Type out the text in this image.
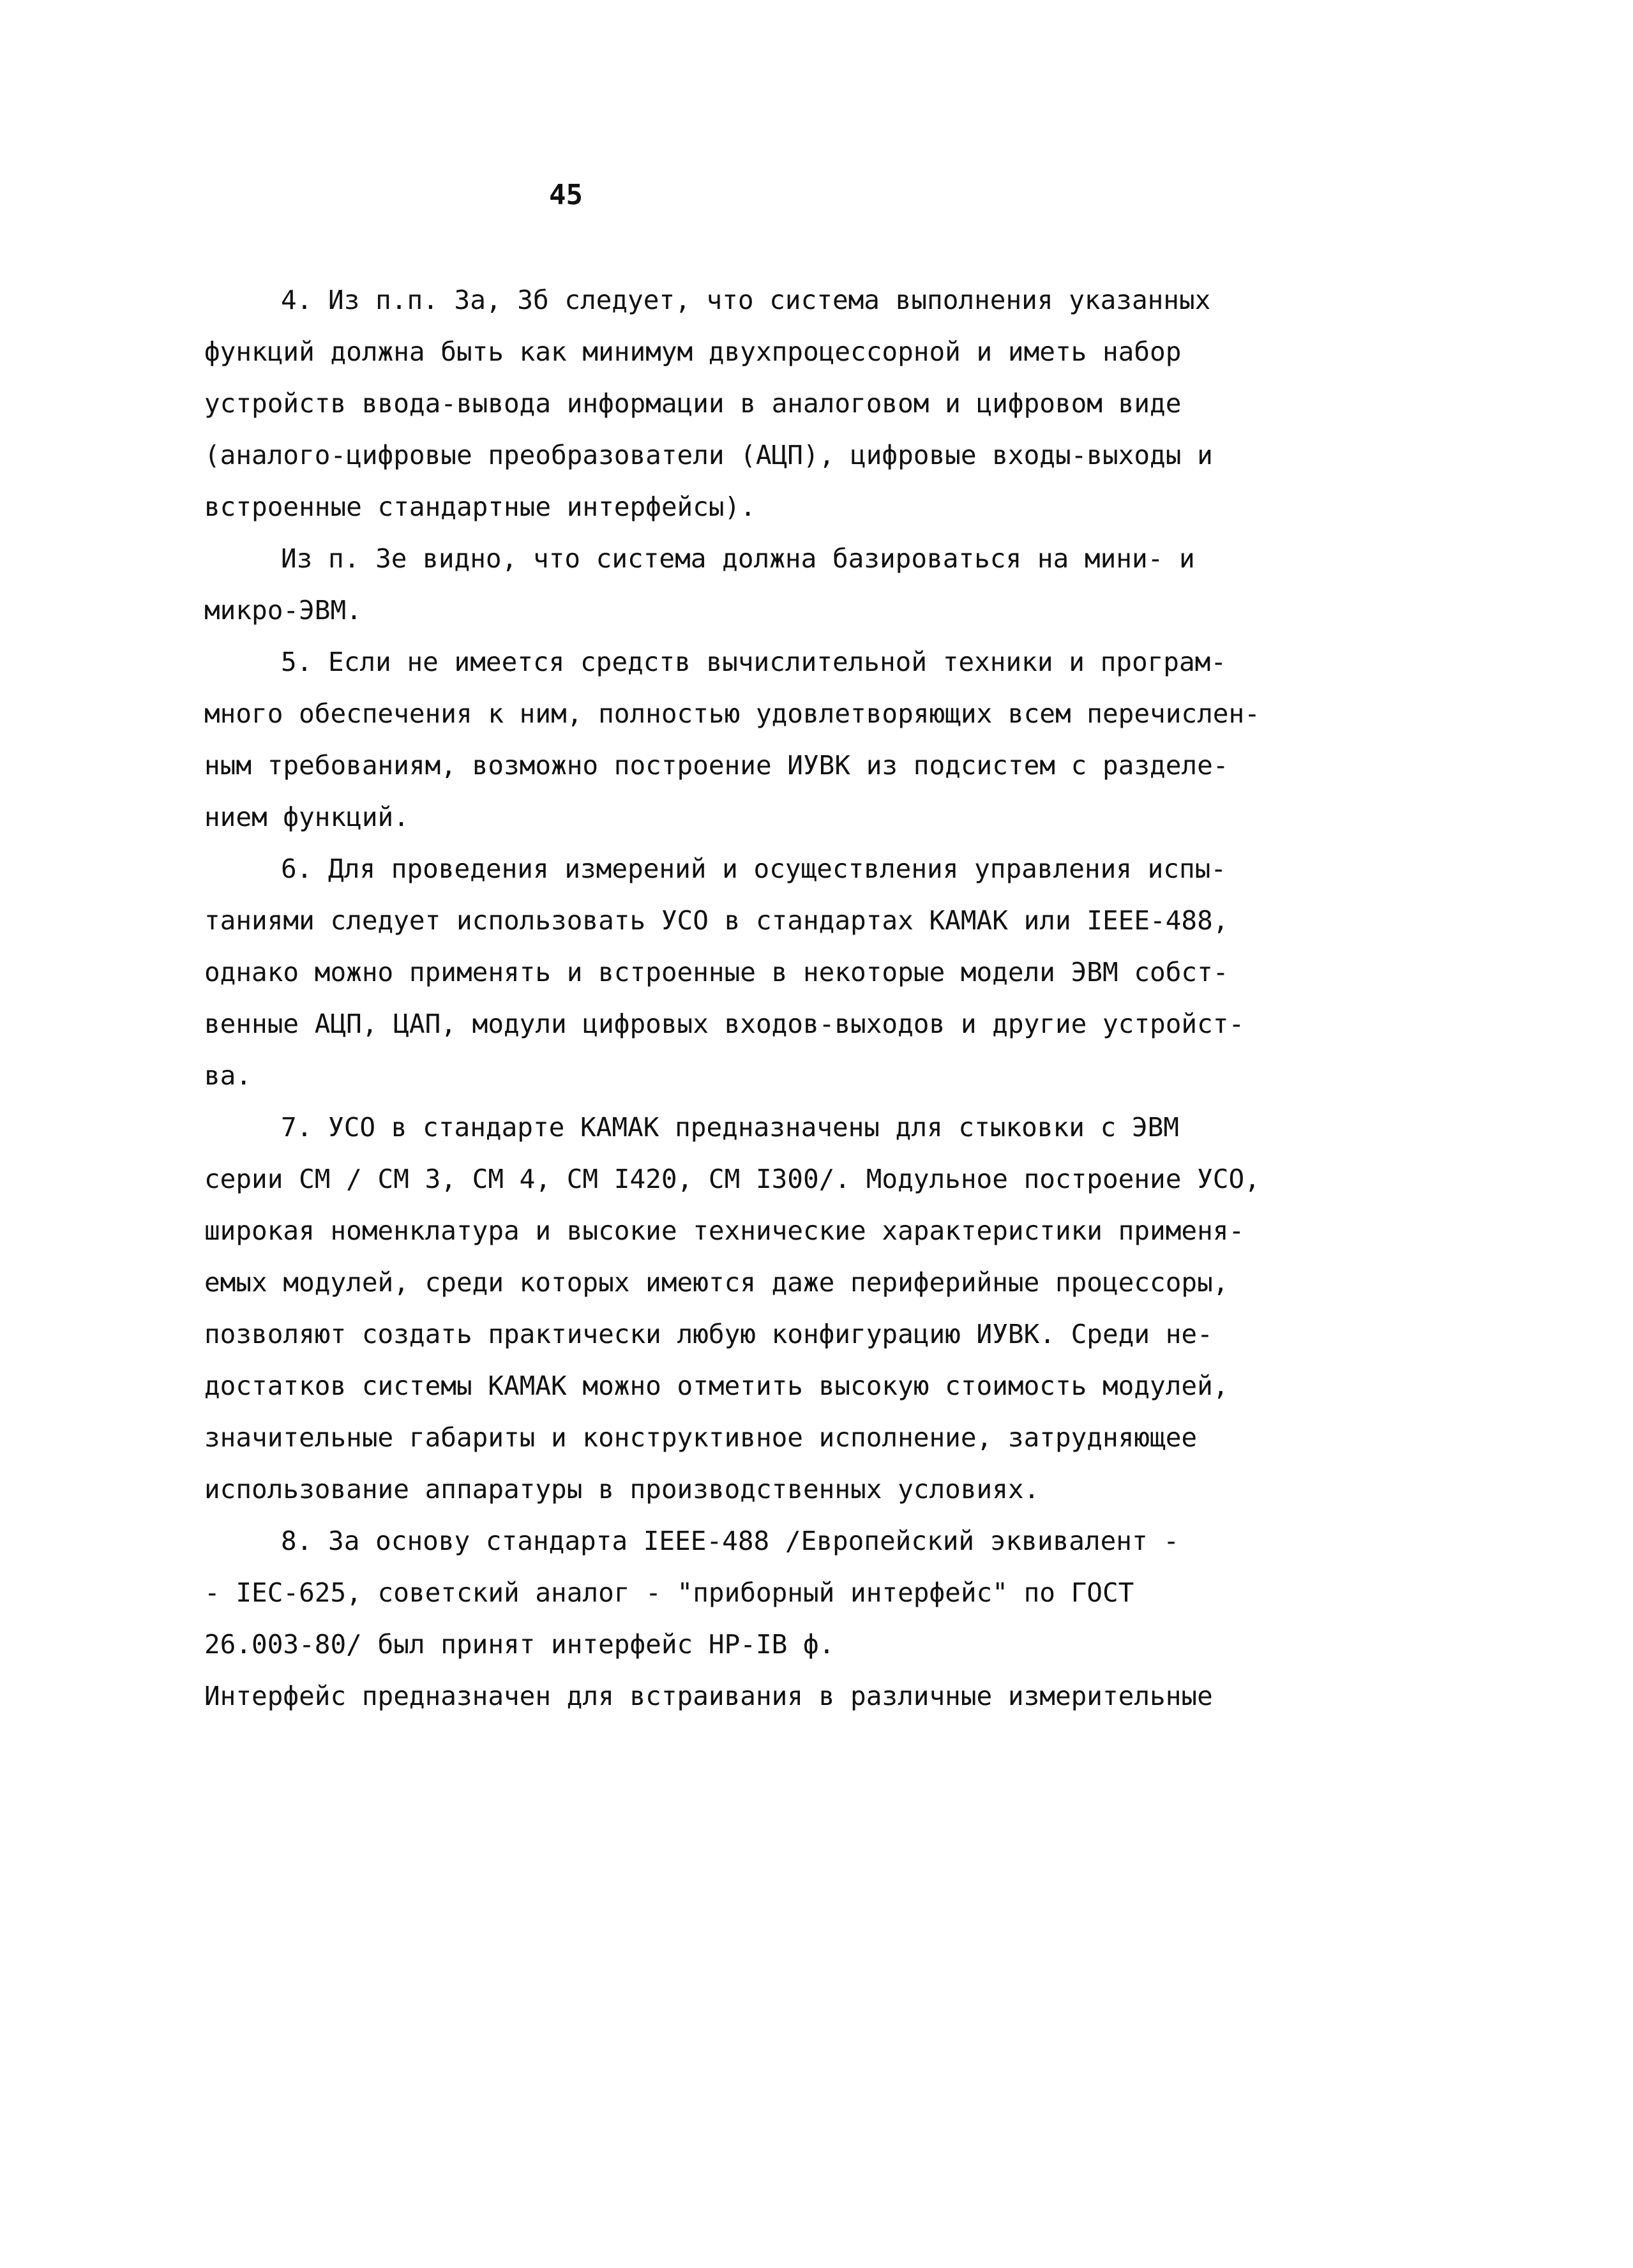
45
4. Из п.п. За, 3б следует, что система выполнения указанных
функций должна быть как минимум двухпроцессорной и иметь набор
устройств ввода-вывода информации в аналоговом и цифровом виде
(аналого-цифровые преобразователи (АЦП), цифровые входы-выходы и
встроенные стандартные интерфейсы).
Из п. Зе видно, что система должна базироваться на мини- и
микро-ЭВМ.
5. Если не имеется средств вычислительной техники и програм-
много обеспечения к ним, полностью удовлетворяющих всем перечислен-
ным требованиям, возможно построение ИУВК из подсистем с разделе-
нием функций.
6. Для проведения измерений и осуществления управления испы-
таниями следует использовать УСО в стандартах КАМАК или IEEE-488,
однако можно применять и встроенные в некоторые модели ЭВМ собст-
венные АЦП, ЦАП, модули цифровых входов-выходов и другие устройст-
ва.
7. УСО в стандарте КАМАК предназначены для стыковки с ЭВМ
серии СМ / СМ 3, СМ 4, СМ I420, СМ I300/. Модульное построение УСО,
широкая номенклатура и высокие технические характеристики применя-
емых модулей, среди которых имеются даже периферийные процессоры,
позволяют создать практически любую конфигурацию ИУВК. Среди не-
достатков системы КАМАК можно отметить высокую стоимость модулей,
значительные габариты и конструктивное исполнение, затрудняющее
использование аппаратуры в производственных условиях.
8. За основу стандарта IEEE-488 /Европейский эквивалент -
- IEC-625, советский аналог - "приборный интерфейс" по ГОСТ
26.003-80/ был принят интерфейс HP-IB ф.
Интерфейс предназначен для встраивания в различные измерительные
